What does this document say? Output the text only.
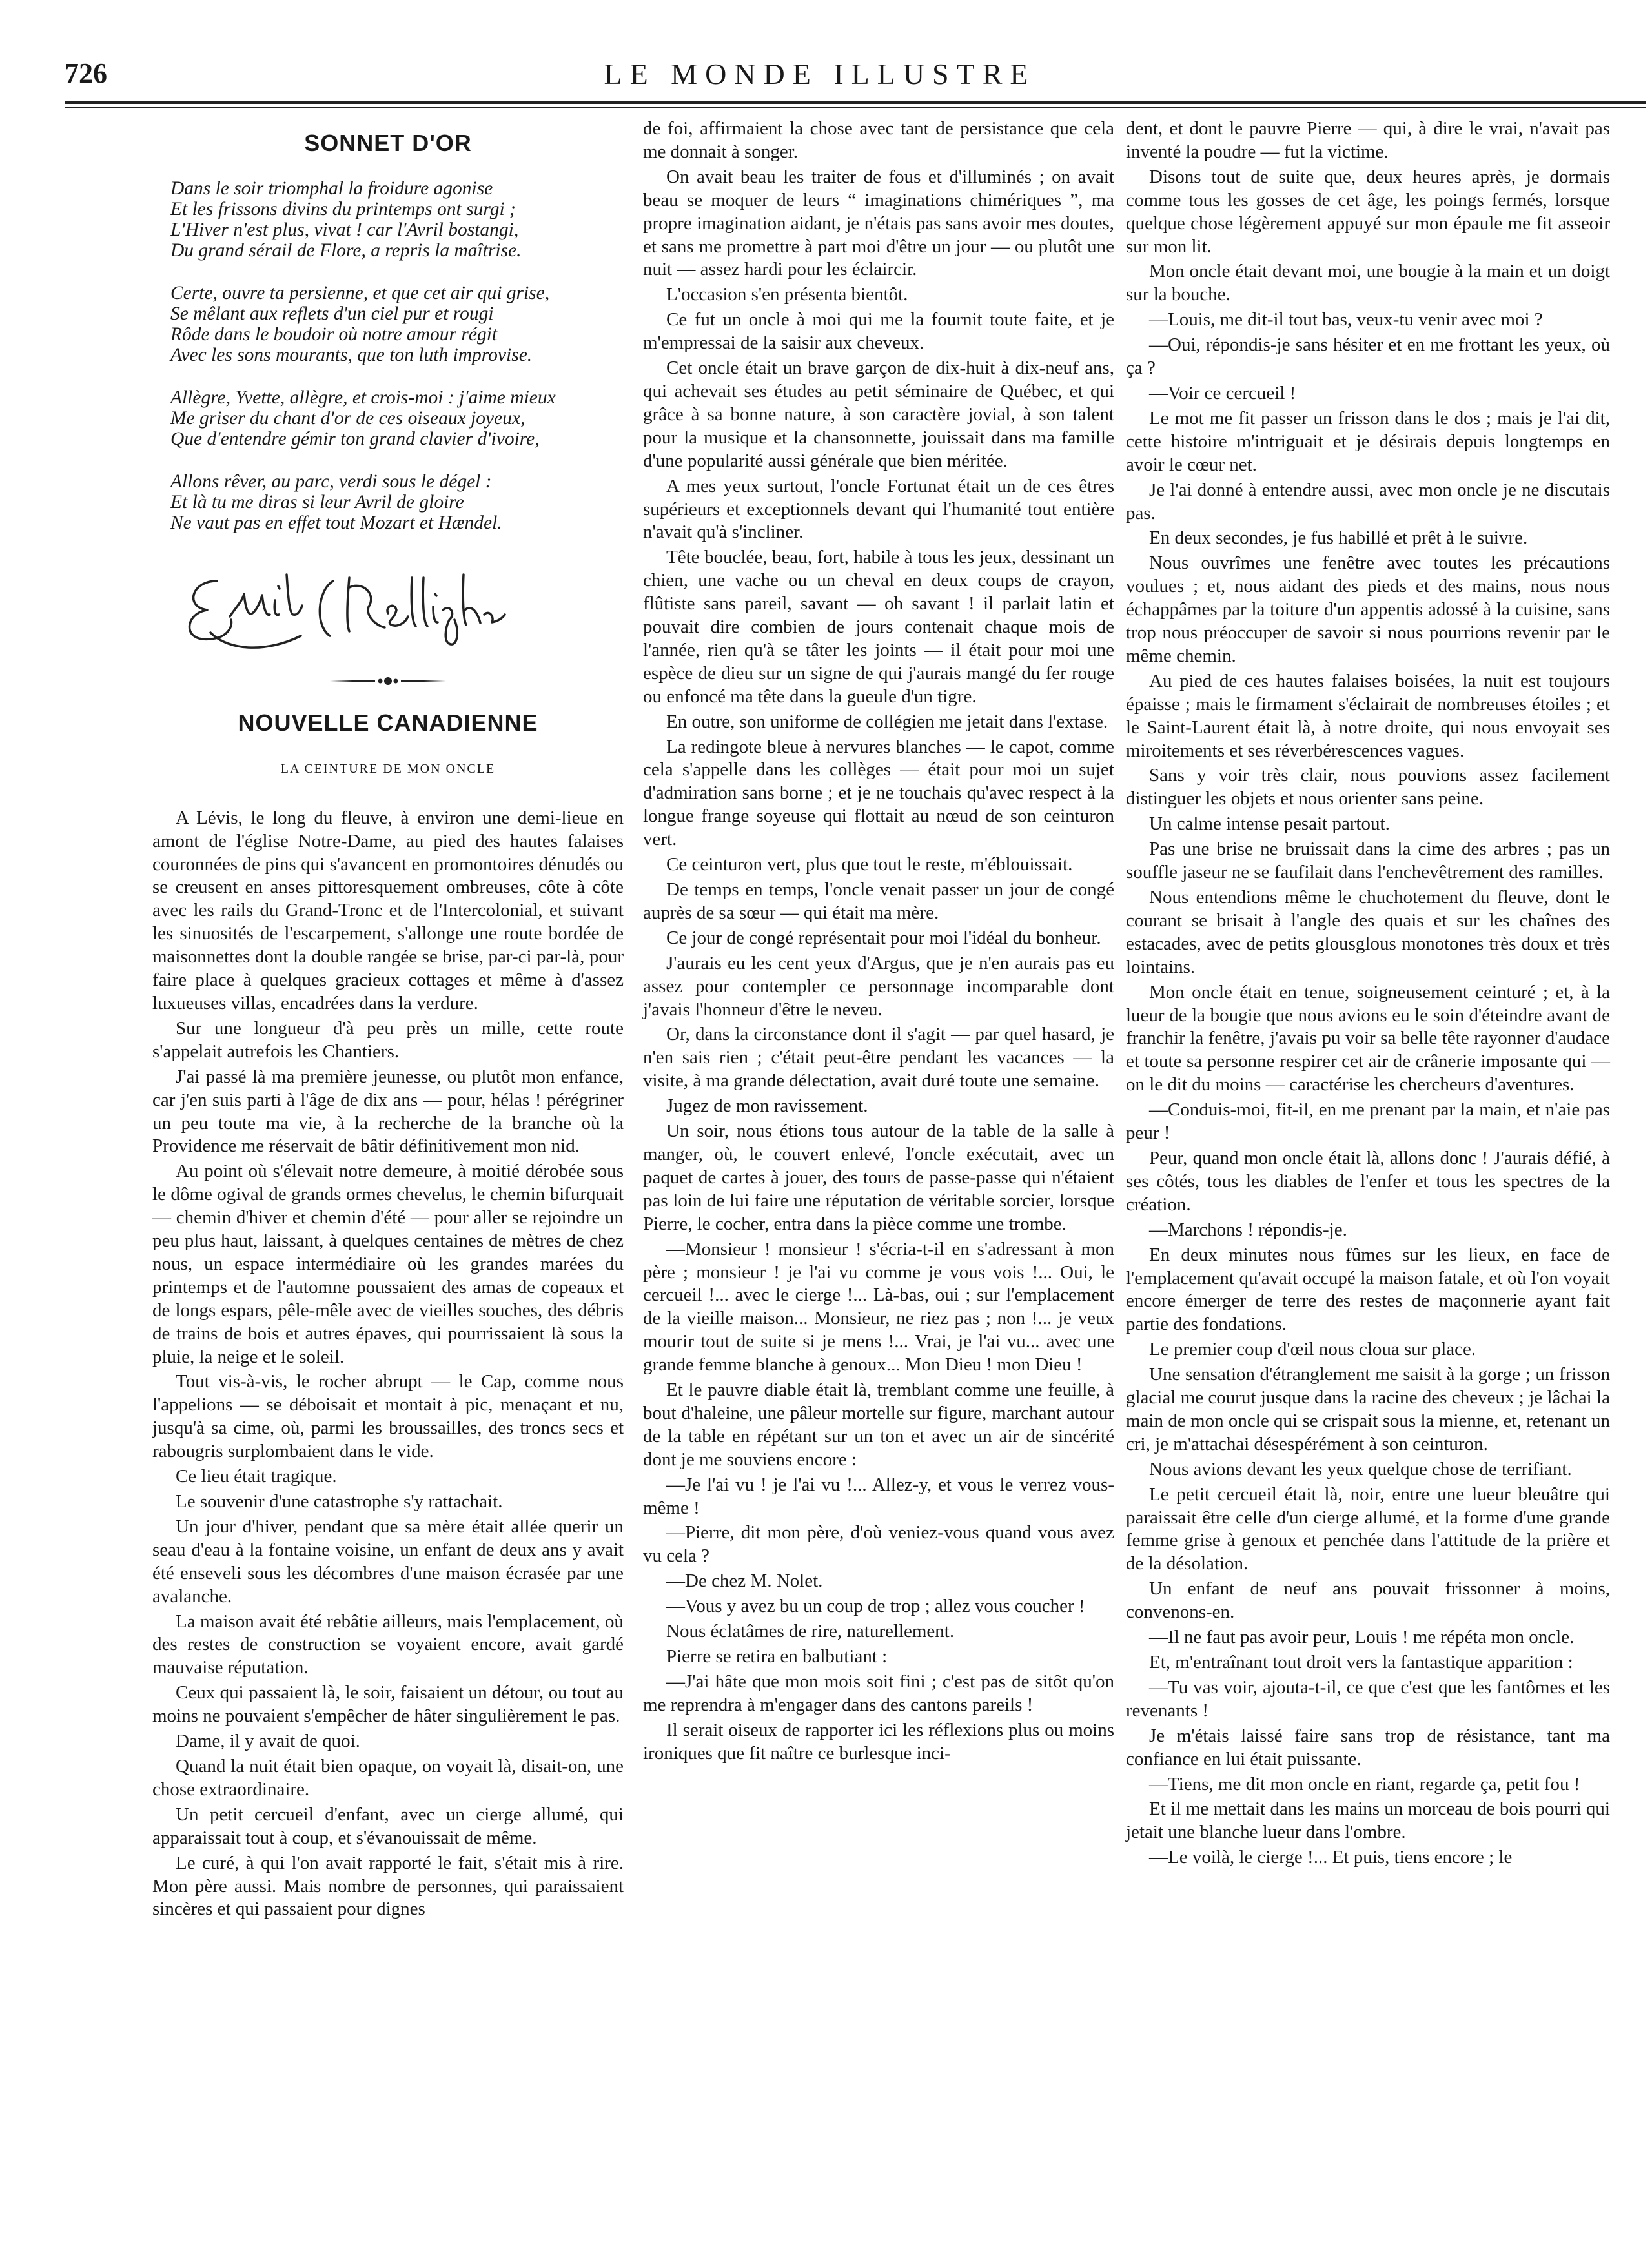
726	LE MONDE ILLUSTRE
SONNET D'OR
Dans le soir triomphal la froidure agonise
Et les frissons divins du printemps ont surgi ;
L'Hiver n'est plus, vivat ! car l'Avril bostangi,
Du grand sérail de Flore, a repris la maîtrise.
Certe, ouvre ta persienne, et que cet air qui grise,
Se mêlant aux reflets d'un ciel pur et rougi
Rôde dans le boudoir où notre amour régit
Avec les sons mourants, que ton luth improvise.
Allègre, Yvette, allègre, et crois-moi : j'aime mieux
Me griser du chant d'or de ces oiseaux joyeux,
Que d'entendre gémir ton grand clavier d'ivoire,
Allons rêver, au parc, verdi sous le dégel :
Et là tu me diras si leur Avril de gloire
Ne vaut pas en effet tout Mozart et Hændel.
NOUVELLE CANADIENNE
LA CEINTURE DE MON ONCLE

A Lévis, le long du fleuve, à environ une demi-lieue en amont de l'église Notre-Dame, au pied des hautes falaises couronnées de pins qui s'avancent en promontoires dénudés ou se creusent en anses pittoresquement ombreuses, côte à côte avec les rails du Grand-Tronc et de l'Intercolonial, et suivant les sinuosités de l'escarpement, s'allonge une route bordée de maisonnettes dont la double rangée se brise, par-ci par-là, pour faire place à quelques gracieux cottages et même à d'assez luxueuses villas, encadrées dans la verdure.

Sur une longueur d'à peu près un mille, cette route s'appelait autrefois les Chantiers.

J'ai passé là ma première jeunesse, ou plutôt mon enfance, car j'en suis parti à l'âge de dix ans — pour, hélas ! pérégriner un peu toute ma vie, à la recherche de la branche où la Providence me réservait de bâtir définitivement mon nid.

Au point où s'élevait notre demeure, à moitié dérobée sous le dôme ogival de grands ormes chevelus, le chemin bifurquait — chemin d'hiver et chemin d'été — pour aller se rejoindre un peu plus haut, laissant, à quelques centaines de mètres de chez nous, un espace intermédiaire où les grandes marées du printemps et de l'automne poussaient des amas de copeaux et de longs espars, pêle-mêle avec de vieilles souches, des débris de trains de bois et autres épaves, qui pourrissaient là sous la pluie, la neige et le soleil.

Tout vis-à-vis, le rocher abrupt — le Cap, comme nous l'appelions — se déboisait et montait à pic, menaçant et nu, jusqu'à sa cime, où, parmi les broussailles, des troncs secs et rabougris surplombaient dans le vide.

Ce lieu était tragique.

Le souvenir d'une catastrophe s'y rattachait.

Un jour d'hiver, pendant que sa mère était allée querir un seau d'eau à la fontaine voisine, un enfant de deux ans y avait été enseveli sous les décombres d'une maison écrasée par une avalanche.

La maison avait été rebâtie ailleurs, mais l'emplacement, où des restes de construction se voyaient encore, avait gardé mauvaise réputation.

Ceux qui passaient là, le soir, faisaient un détour, ou tout au moins ne pouvaient s'empêcher de hâter singulièrement le pas.

Dame, il y avait de quoi.

Quand la nuit était bien opaque, on voyait là, disait-on, une chose extraordinaire.

Un petit cercueil d'enfant, avec un cierge allumé, qui apparaissait tout à coup, et s'évanouissait de même.

Le curé, à qui l'on avait rapporté le fait, s'était mis à rire. Mon père aussi. Mais nombre de personnes, qui paraissaient sincères et qui passaient pour dignes

de foi, affirmaient la chose avec tant de persistance que cela me donnait à songer.

On avait beau les traiter de fous et d'illuminés ; on avait beau se moquer de leurs “ imaginations chimériques ”, ma propre imagination aidant, je n'étais pas sans avoir mes doutes, et sans me promettre à part moi d'être un jour — ou plutôt une nuit — assez hardi pour les éclaircir.

L'occasion s'en présenta bientôt.

Ce fut un oncle à moi qui me la fournit toute faite, et je m'empressai de la saisir aux cheveux.

Cet oncle était un brave garçon de dix-huit à dix-neuf ans, qui achevait ses études au petit séminaire de Québec, et qui grâce à sa bonne nature, à son caractère jovial, à son talent pour la musique et la chansonnette, jouissait dans ma famille d'une popularité aussi générale que bien méritée.

A mes yeux surtout, l'oncle Fortunat était un de ces êtres supérieurs et exceptionnels devant qui l'humanité tout entière n'avait qu'à s'incliner.

Tête bouclée, beau, fort, habile à tous les jeux, dessinant un chien, une vache ou un cheval en deux coups de crayon, flûtiste sans pareil, savant — oh savant ! il parlait latin et pouvait dire combien de jours contenait chaque mois de l'année, rien qu'à se tâter les joints — il était pour moi une espèce de dieu sur un signe de qui j'aurais mangé du fer rouge ou enfoncé ma tête dans la gueule d'un tigre.

En outre, son uniforme de collégien me jetait dans l'extase.

La redingote bleue à nervures blanches — le capot, comme cela s'appelle dans les collèges — était pour moi un sujet d'admiration sans borne ; et je ne touchais qu'avec respect à la longue frange soyeuse qui flottait au nœud de son ceinturon vert.

Ce ceinturon vert, plus que tout le reste, m'éblouissait.

De temps en temps, l'oncle venait passer un jour de congé auprès de sa sœur — qui était ma mère.

Ce jour de congé représentait pour moi l'idéal du bonheur.

J'aurais eu les cent yeux d'Argus, que je n'en aurais pas eu assez pour contempler ce personnage incomparable dont j'avais l'honneur d'être le neveu.

Or, dans la circonstance dont il s'agit — par quel hasard, je n'en sais rien ; c'était peut-être pendant les vacances — la visite, à ma grande délectation, avait duré toute une semaine.

Jugez de mon ravissement.

Un soir, nous étions tous autour de la table de la salle à manger, où, le couvert enlevé, l'oncle exécutait, avec un paquet de cartes à jouer, des tours de passe-passe qui n'étaient pas loin de lui faire une réputation de véritable sorcier, lorsque Pierre, le cocher, entra dans la pièce comme une trombe.

—Monsieur ! monsieur ! s'écria-t-il en s'adressant à mon père ; monsieur ! je l'ai vu comme je vous vois !... Oui, le cercueil !... avec le cierge !... Là-bas, oui ; sur l'emplacement de la vieille maison... Monsieur, ne riez pas ; non !... je veux mourir tout de suite si je mens !... Vrai, je l'ai vu... avec une grande femme blanche à genoux... Mon Dieu ! mon Dieu !

Et le pauvre diable était là, tremblant comme une feuille, à bout d'haleine, une pâleur mortelle sur figure, marchant autour de la table en répétant sur un ton et avec un air de sincérité dont je me souviens encore :

—Je l'ai vu ! je l'ai vu !... Allez-y, et vous le verrez vous-même !

—Pierre, dit mon père, d'où veniez-vous quand vous avez vu cela ?

—De chez M. Nolet.

—Vous y avez bu un coup de trop ; allez vous coucher !

Nous éclatâmes de rire, naturellement.

Pierre se retira en balbutiant :

—J'ai hâte que mon mois soit fini ; c'est pas de sitôt qu'on me reprendra à m'engager dans des cantons pareils !

Il serait oiseux de rapporter ici les réflexions plus ou moins ironiques que fit naître ce burlesque inci-

dent, et dont le pauvre Pierre — qui, à dire le vrai, n'avait pas inventé la poudre — fut la victime.

Disons tout de suite que, deux heures après, je dormais comme tous les gosses de cet âge, les poings fermés, lorsque quelque chose légèrement appuyé sur mon épaule me fit asseoir sur mon lit.

Mon oncle était devant moi, une bougie à la main et un doigt sur la bouche.

—Louis, me dit-il tout bas, veux-tu venir avec moi ?

—Oui, répondis-je sans hésiter et en me frottant les yeux, où ça ?

—Voir ce cercueil !

Le mot me fit passer un frisson dans le dos ; mais je l'ai dit, cette histoire m'intriguait et je désirais depuis longtemps en avoir le cœur net.

Je l'ai donné à entendre aussi, avec mon oncle je ne discutais pas.

En deux secondes, je fus habillé et prêt à le suivre.

Nous ouvrîmes une fenêtre avec toutes les précautions voulues ; et, nous aidant des pieds et des mains, nous nous échappâmes par la toiture d'un appentis adossé à la cuisine, sans trop nous préoccuper de savoir si nous pourrions revenir par le même chemin.

Au pied de ces hautes falaises boisées, la nuit est toujours épaisse ; mais le firmament s'éclairait de nombreuses étoiles ; et le Saint-Laurent était là, à notre droite, qui nous envoyait ses miroitements et ses réverbérescences vagues.

Sans y voir très clair, nous pouvions assez facilement distinguer les objets et nous orienter sans peine.

Un calme intense pesait partout.

Pas une brise ne bruissait dans la cime des arbres ; pas un souffle jaseur ne se faufilait dans l'enchevêtrement des ramilles.

Nous entendions même le chuchotement du fleuve, dont le courant se brisait à l'angle des quais et sur les chaînes des estacades, avec de petits glousglous monotones très doux et très lointains.

Mon oncle était en tenue, soigneusement ceinturé ; et, à la lueur de la bougie que nous avions eu le soin d'éteindre avant de franchir la fenêtre, j'avais pu voir sa belle tête rayonner d'audace et toute sa personne respirer cet air de crânerie imposante qui — on le dit du moins — caractérise les chercheurs d'aventures.

—Conduis-moi, fit-il, en me prenant par la main, et n'aie pas peur !

Peur, quand mon oncle était là, allons donc ! J'aurais défié, à ses côtés, tous les diables de l'enfer et tous les spectres de la création.

—Marchons ! répondis-je.

En deux minutes nous fûmes sur les lieux, en face de l'emplacement qu'avait occupé la maison fatale, et où l'on voyait encore émerger de terre des restes de maçonnerie ayant fait partie des fondations.

Le premier coup d'œil nous cloua sur place.

Une sensation d'étranglement me saisit à la gorge ; un frisson glacial me courut jusque dans la racine des cheveux ; je lâchai la main de mon oncle qui se crispait sous la mienne, et, retenant un cri, je m'attachai désespérément à son ceinturon.

Nous avions devant les yeux quelque chose de terrifiant.

Le petit cercueil était là, noir, entre une lueur bleuâtre qui paraissait être celle d'un cierge allumé, et la forme d'une grande femme grise à genoux et penchée dans l'attitude de la prière et de la désolation.

Un enfant de neuf ans pouvait frissonner à moins, convenons-en.

—Il ne faut pas avoir peur, Louis ! me répéta mon oncle.

Et, m'entraînant tout droit vers la fantastique apparition :

—Tu vas voir, ajouta-t-il, ce que c'est que les fantômes et les revenants !

Je m'étais laissé faire sans trop de résistance, tant ma confiance en lui était puissante.

—Tiens, me dit mon oncle en riant, regarde ça, petit fou !

Et il me mettait dans les mains un morceau de bois pourri qui jetait une blanche lueur dans l'ombre.

—Le voilà, le cierge !... Et puis, tiens encore ; le
